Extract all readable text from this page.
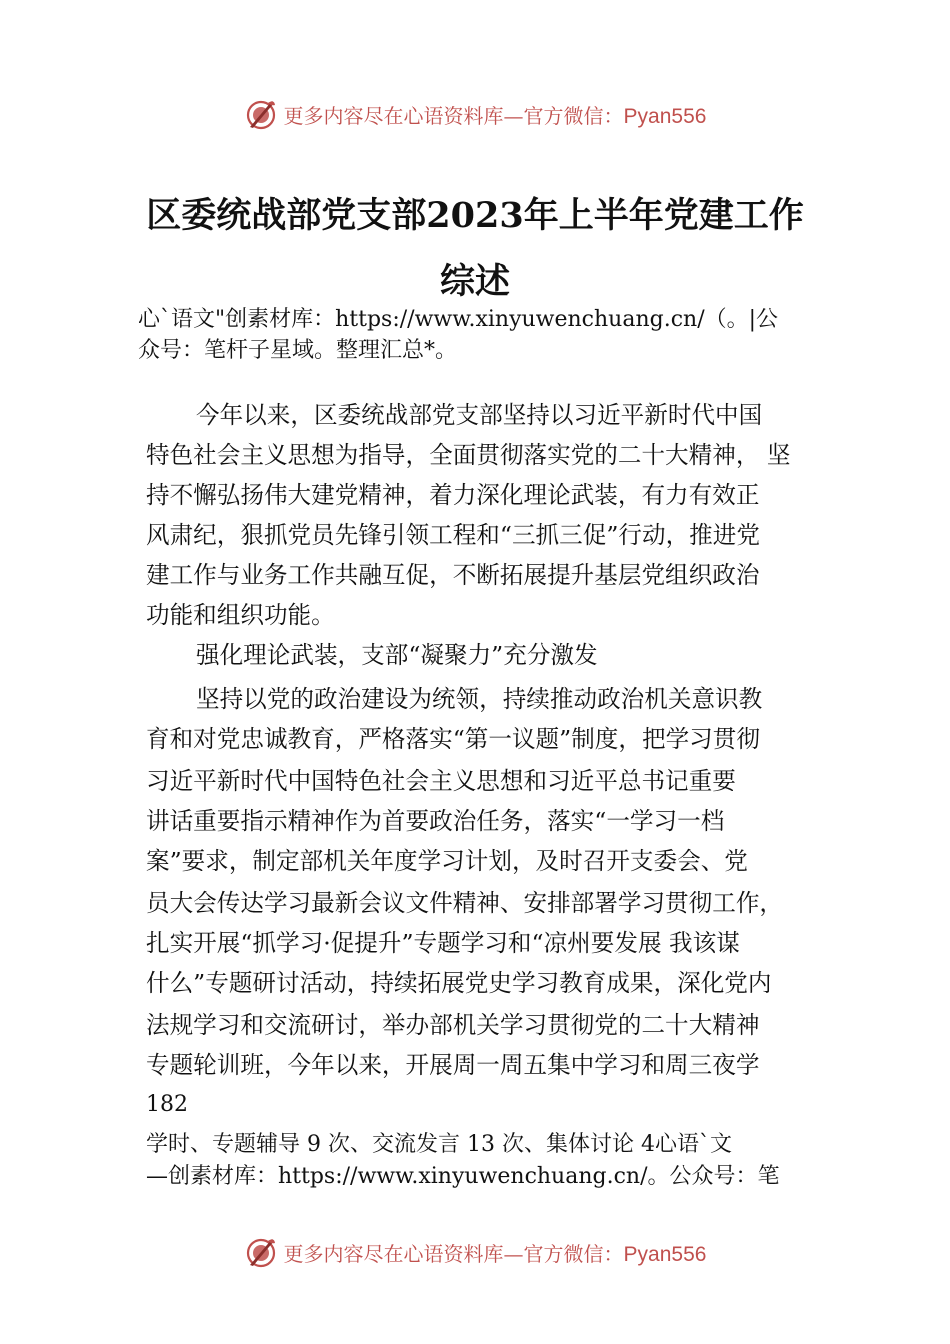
更多内容尽在心语资料库—官方微信：Pyan556
区委统战部党支部2023年上半年党建工作
综述
心`语文"创素材库：https://www.xinyuwenchuang.cn/（。|公
众号：笔杆子星域。整理汇总*。
今年以来，区委统战部党支部坚持以习近平新时代中国
特色社会主义思想为指导，全面贯彻落实党的二十大精神， 坚
持不懈弘扬伟大建党精神，着力深化理论武装，有力有效正
风肃纪，狠抓党员先锋引领工程和“三抓三促”行动，推进党
建工作与业务工作共融互促，不断拓展提升基层党组织政治
功能和组织功能。
强化理论武装，支部“凝聚力”充分激发
坚持以党的政治建设为统领，持续推动政治机关意识教
育和对党忠诚教育，严格落实“第一议题”制度，把学习贯彻
习近平新时代中国特色社会主义思想和习近平总书记重要
讲话重要指示精神作为首要政治任务，落实“一学习一档
案”要求，制定部机关年度学习计划，及时召开支委会、党
员大会传达学习最新会议文件精神、安排部署学习贯彻工作，
扎实开展“抓学习·促提升”专题学习和“凉州要发展 我该谋
什么”专题研讨活动，持续拓展党史学习教育成果，深化党内
法规学习和交流研讨，举办部机关学习贯彻党的二十大精神
专题轮训班，今年以来，开展周一周五集中学习和周三夜学
182
学时、专题辅导 9 次、交流发言 13 次、集体讨论 4心语`文
—创素材库：https://www.xinyuwenchuang.cn/。公众号：笔
更多内容尽在心语资料库—官方微信：Pyan556
